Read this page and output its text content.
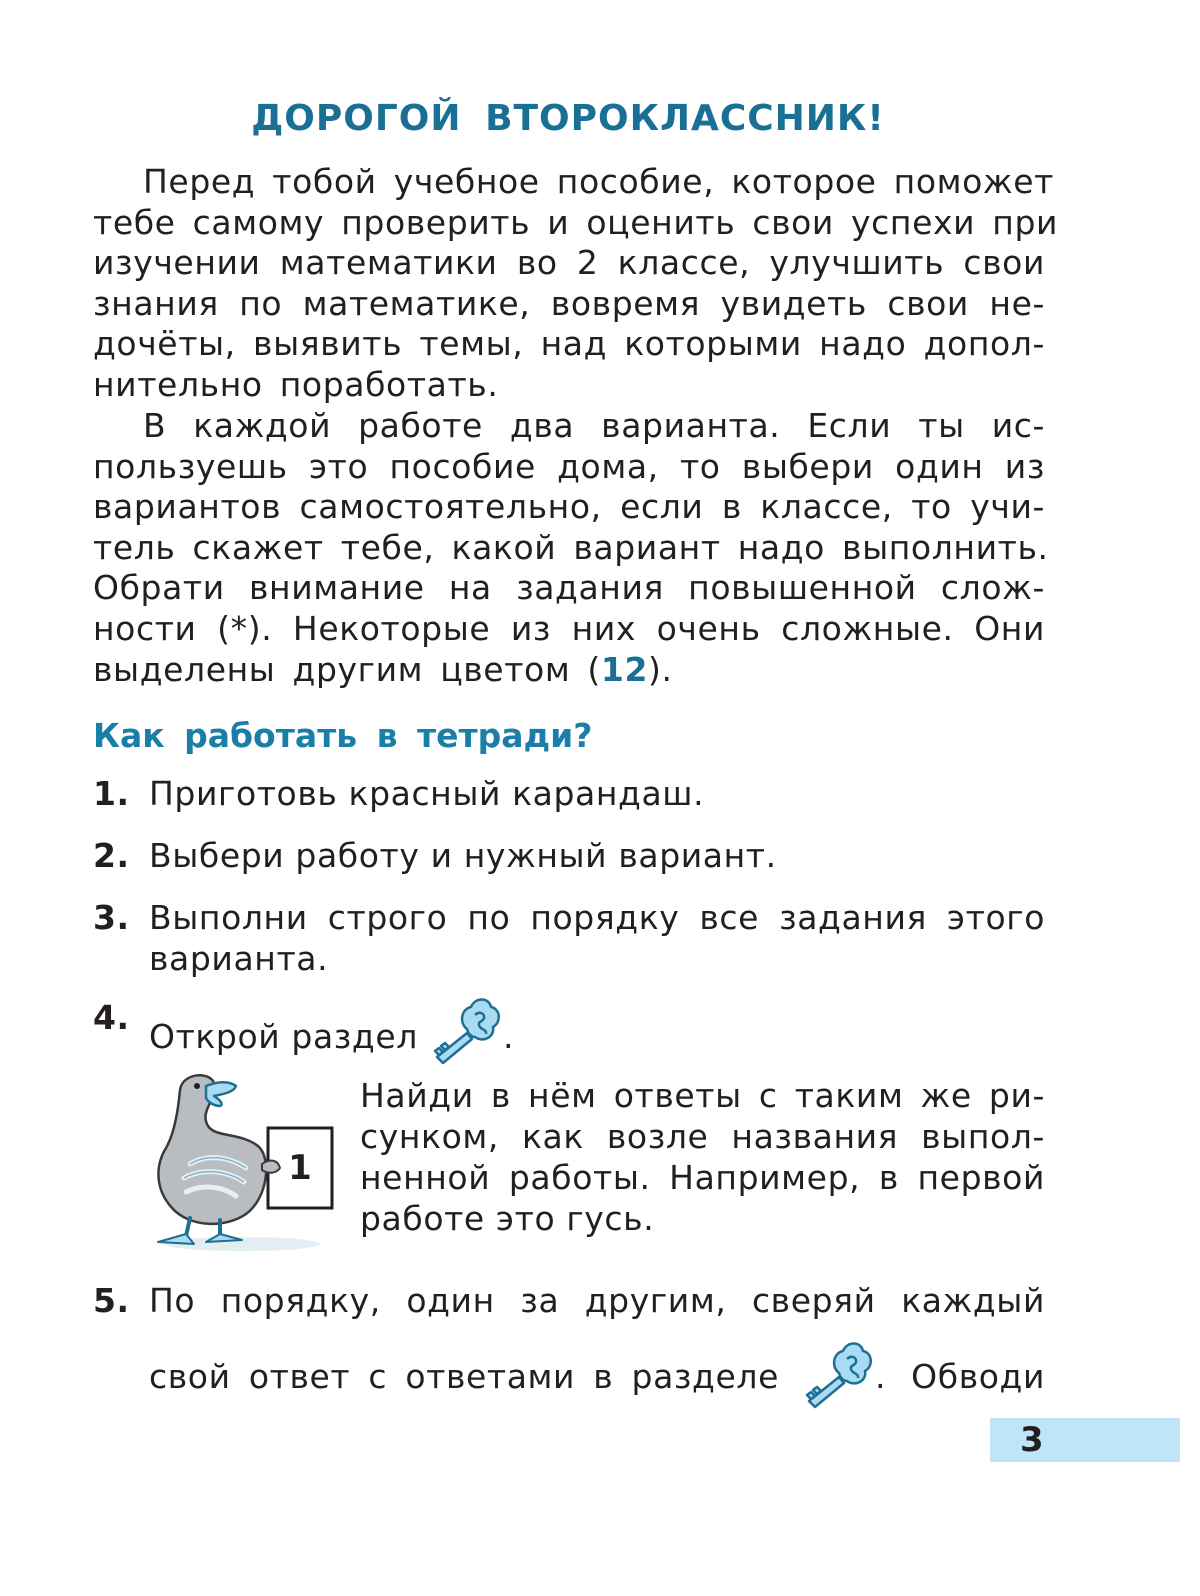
ДОРОГОЙ ВТОРОКЛАССНИК!
Перед тобой учебное пособие, которое поможет
тебе самому проверить и оценить свои успехи при
изучении математики во 2 классе, улучшить свои
знания по математике, вовремя увидеть свои не-
дочёты, выявить темы, над которыми надо допол-
нительно поработать.
В каждой работе два варианта. Если ты ис-
пользуешь это пособие дома, то выбери один из
вариантов самостоятельно, если в классе, то учи-
тель скажет тебе, какой вариант надо выполнить.
Обрати внимание на задания повышенной слож-
ности (*). Некоторые из них очень сложные. Они
выделены другим цветом (12).
Как работать в тетради?
1. Приготовь красный карандаш.
2. Выбери работу и нужный вариант.
3. Выполни строго по порядку все задания этого
варианта.
4. Открой раздел	.
1
Найди в нём ответы с таким же ри-
сунком, как возле названия выпол-
ненной работы. Например, в первой
работе это гусь.
5. По порядку, один за другим, сверяй каждый
свой ответ с ответами в разделе	. Обводи
3
